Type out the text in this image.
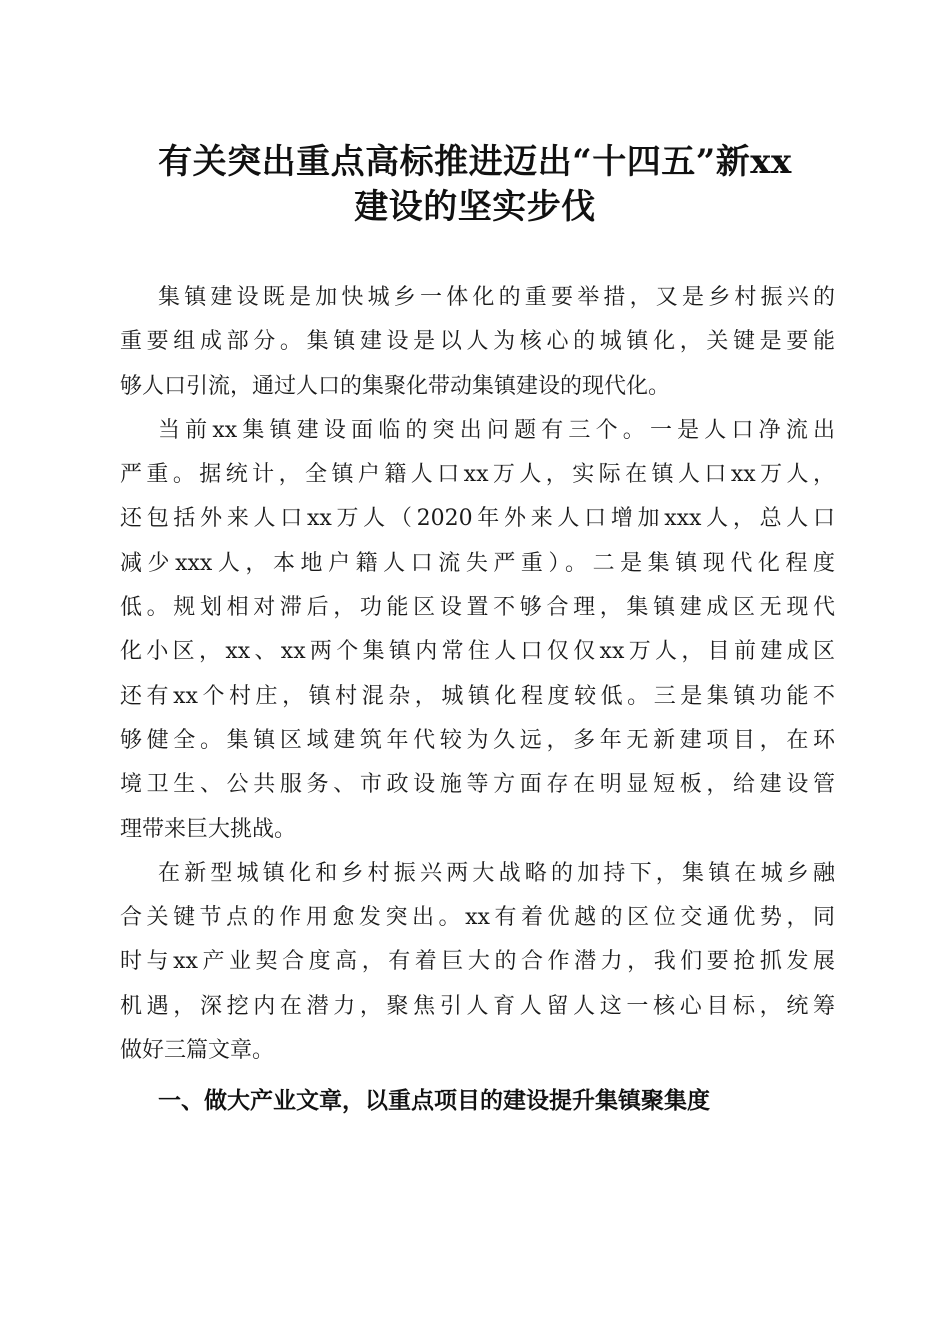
有关突出重点高标推进迈出“十四五”新xx
建设的坚实步伐
集镇建设既是加快城乡一体化的重要举措，又是乡村振兴的
重要组成部分。集镇建设是以人为核心的城镇化，关键是要能
够人口引流，通过人口的集聚化带动集镇建设的现代化。
当前xx集镇建设面临的突出问题有三个。一是人口净流出
严重。据统计，全镇户籍人口xx万人，实际在镇人口xx万人，
还包括外来人口xx万人（2020年外来人口增加xxx人，总人口
减少xxx人，本地户籍人口流失严重）。二是集镇现代化程度
低。规划相对滞后，功能区设置不够合理，集镇建成区无现代
化小区，xx、xx两个集镇内常住人口仅仅xx万人，目前建成区
还有xx个村庄，镇村混杂，城镇化程度较低。三是集镇功能不
够健全。集镇区域建筑年代较为久远，多年无新建项目，在环
境卫生、公共服务、市政设施等方面存在明显短板，给建设管
理带来巨大挑战。
在新型城镇化和乡村振兴两大战略的加持下，集镇在城乡融
合关键节点的作用愈发突出。xx有着优越的区位交通优势，同
时与xx产业契合度高，有着巨大的合作潜力，我们要抢抓发展
机遇，深挖内在潜力，聚焦引人育人留人这一核心目标，统筹
做好三篇文章。
一、做大产业文章，以重点项目的建设提升集镇聚集度
